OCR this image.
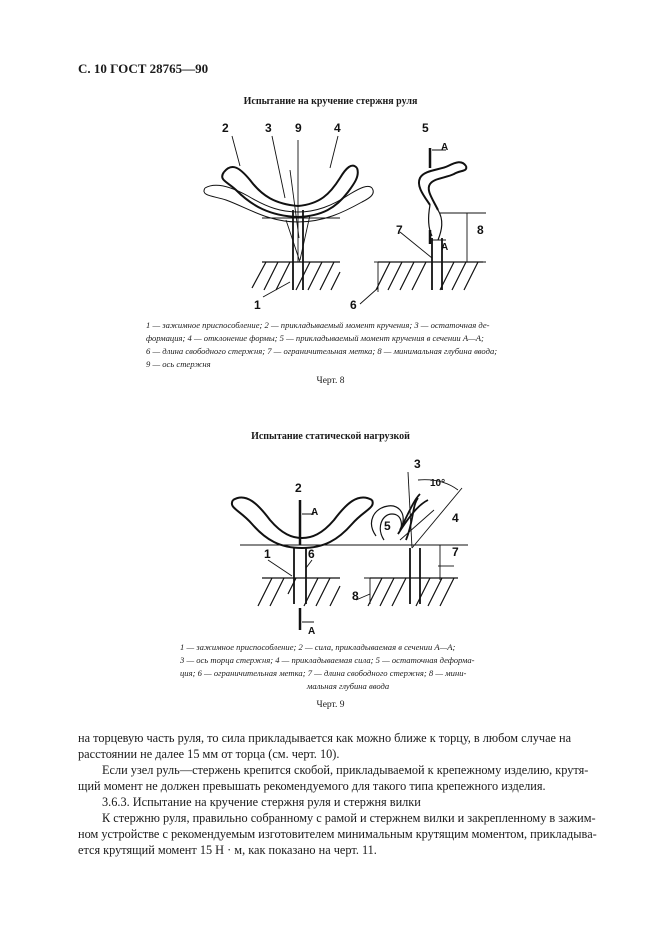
С. 10 ГОСТ 28765—90
Испытание на кручение стержня руля
2	3 9	4	5
А
7
А
8
1	6
1 — зажимное приспособление; 2 — прикладываемый момент кручения; 3 — остаточная де-
формация; 4 — отклонение формы; 5 — прикладываемый момент кручения в сечении А—А;
6 — длина свободного стержня; 7 — ограничительная метка; 8 — минимальная глубина ввода;
9 — ось стержня
Черт. 8
Испытание статической нагрузкой
2
А
1	6
А
3
10°
4
5
7
8
1 — зажимное приспособление; 2 — сила, прикладываемая в сечении А—А;
3 — ось торца стержня; 4 — прикладываемая сила; 5 — остаточная деформа-
ция; 6 — ограничительная метка; 7 — длина свободного стержня; 8 — мини-
мальная глубина ввода
Черт. 9

на торцевую часть руля, то сила прикладывается как можно ближе к торцу, в любом случае на

расстоянии не далее 15 мм от торца (см. черт. 10).

Если узел руль—стержень крепится скобой, прикладываемой к крепежному изделию, крутя-

щий момент не должен превышать рекомендуемого для такого типа крепежного изделия.

3.6.3. Испытание на кручение стержня руля и стержня вилки

К стержню руля, правильно собранному с рамой и стержнем вилки и закрепленному в зажим-

ном устройстве с рекомендуемым изготовителем минимальным крутящим моментом, прикладыва-

ется крутящий момент 15 Н · м, как показано на черт. 11.
